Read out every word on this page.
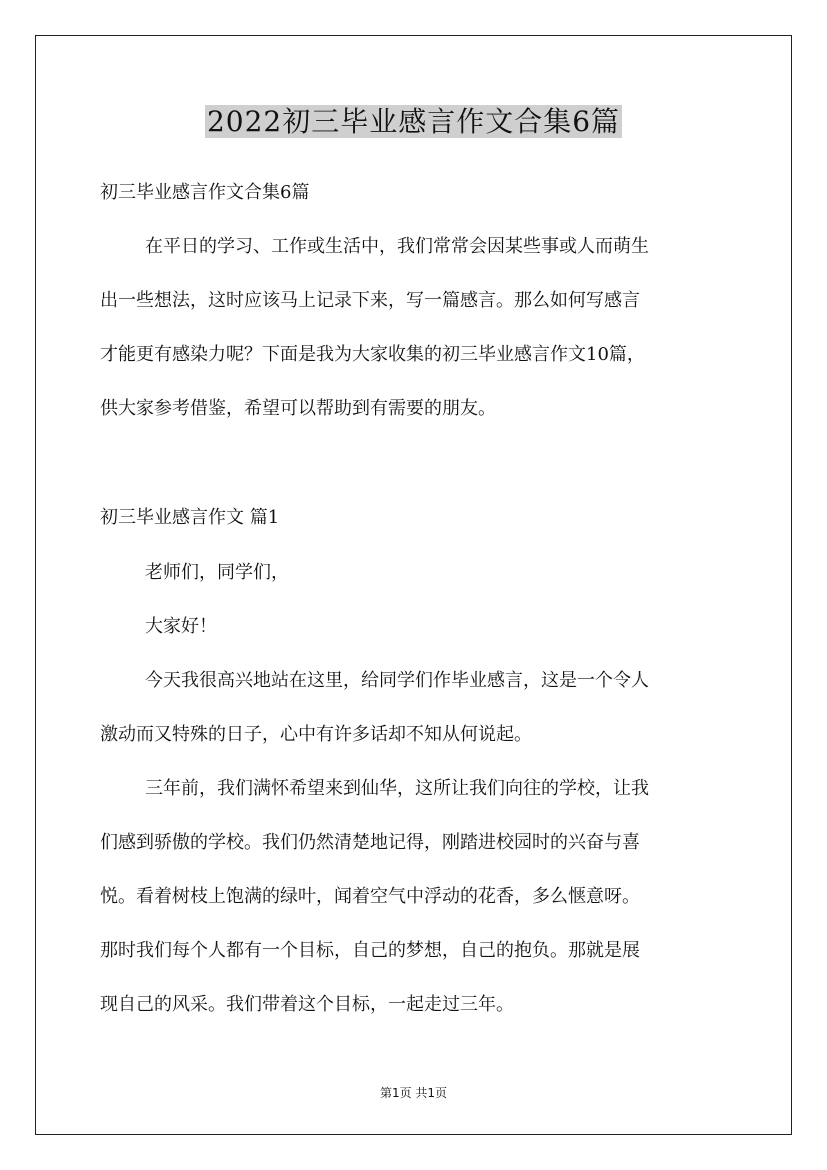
2022初三毕业感言作文合集6篇
初三毕业感言作文合集6篇
在平日的学习、工作或生活中，我们常常会因某些事或人而萌生
出一些想法，这时应该马上记录下来，写一篇感言。那么如何写感言
才能更有感染力呢？下面是我为大家收集的初三毕业感言作文10篇，
供大家参考借鉴，希望可以帮助到有需要的朋友。
初三毕业感言作文 篇1
老师们，同学们，
大家好！
今天我很高兴地站在这里，给同学们作毕业感言，这是一个令人
激动而又特殊的日子，心中有许多话却不知从何说起。
三年前，我们满怀希望来到仙华，这所让我们向往的学校，让我
们感到骄傲的学校。我们仍然清楚地记得，刚踏进校园时的兴奋与喜
悦。看着树枝上饱满的绿叶，闻着空气中浮动的花香，多么惬意呀。
那时我们每个人都有一个目标，自己的梦想，自己的抱负。那就是展
现自己的风采。我们带着这个目标，一起走过三年。
第1页 共1页
